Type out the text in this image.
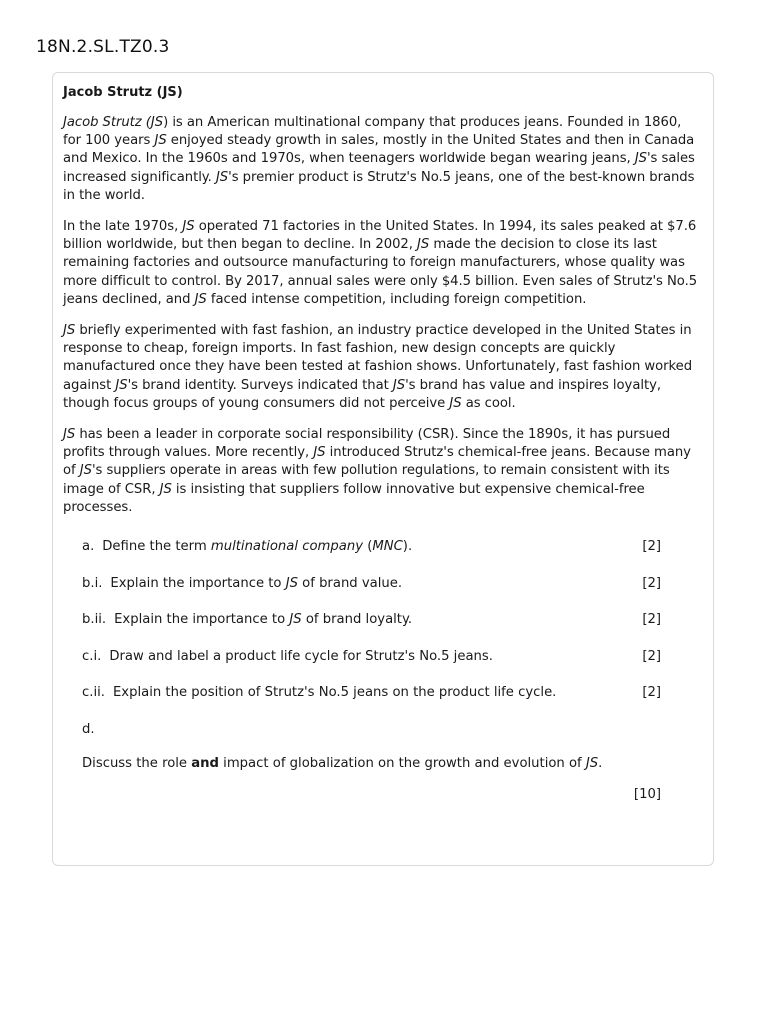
18N.2.SL.TZ0.3
Jacob Strutz (JS)

Jacob Strutz (JS) is an American multinational company that produces jeans. Founded in 1860, for 100 years JS enjoyed steady growth in sales, mostly in the United States and then in Canada and Mexico. In the 1960s and 1970s, when teenagers worldwide began wearing jeans, JS's sales increased significantly. JS's premier product is Strutz's No.5 jeans, one of the best-known brands in the world.

In the late 1970s, JS operated 71 factories in the United States. In 1994, its sales peaked at $7.6 billion worldwide, but then began to decline. In 2002, JS made the decision to close its last remaining factories and outsource manufacturing to foreign manufacturers, whose quality was more difficult to control. By 2017, annual sales were only $4.5 billion. Even sales of Strutz's No.5 jeans declined, and JS faced intense competition, including foreign competition.

JS briefly experimented with fast fashion, an industry practice developed in the United States in response to cheap, foreign imports. In fast fashion, new design concepts are quickly manufactured once they have been tested at fashion shows. Unfortunately, fast fashion worked against JS's brand identity. Surveys indicated that JS's brand has value and inspires loyalty, though focus groups of young consumers did not perceive JS as cool.

JS has been a leader in corporate social responsibility (CSR). Since the 1890s, it has pursued profits through values. More recently, JS introduced Strutz's chemical-free jeans. Because many of JS's suppliers operate in areas with few pollution regulations, to remain consistent with its image of CSR, JS is insisting that suppliers follow innovative but expensive chemical-free processes.

a. Define the term multinational company (MNC).	[2]
b.i. Explain the importance to JS of brand value.	[2]
b.ii. Explain the importance to JS of brand loyalty.	[2]
c.i. Draw and label a product life cycle for Strutz's No.5 jeans.	[2]
c.ii. Explain the position of Strutz's No.5 jeans on the product life cycle.	[2]
d.
Discuss the role and impact of globalization on the growth and evolution of JS.
[10]
